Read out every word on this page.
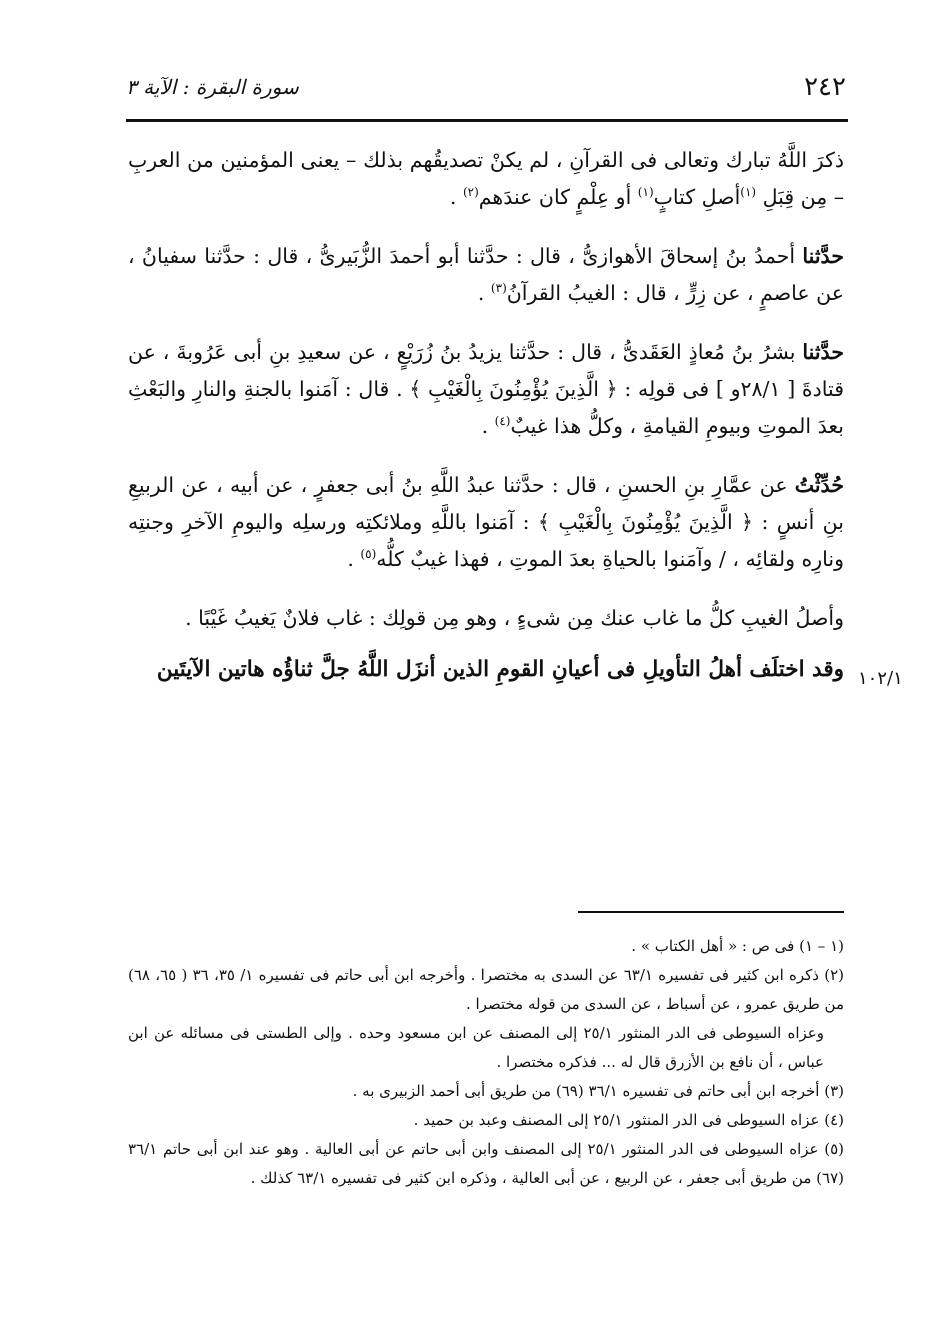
٢٤٢
سورة البقرة : الآية ٣
١٠٢/١

ذكرَ اللَّهُ تبارك وتعالى فى القرآنِ ، لم يكنْ تصديقُهم بذلك – يعنى المؤمنين من العربِ – مِن قِبَلِ $^{(١)}$أصلِ كتابٍ$^{(١)}$ أو عِلْمٍ كان عندَهم$^{(٢)}$ .

حدَّثنا أحمدُ بنُ إسحاقَ الأهوازىُّ ، قال : حدَّثنا أبو أحمدَ الزُّبَيرىُّ ، قال : حدَّثنا سفيانُ ، عن عاصمٍ ، عن زِرٍّ ، قال : الغيبُ القرآنُ$^{(٣)}$ .

حدَّثنا بشرُ بنُ مُعاذٍ العَقَدىُّ ، قال : حدَّثنا يزيدُ بنُ زُرَيْعٍ ، عن سعيدِ بنِ أبى عَرُوبةَ ، عن قتادةَ [ ٢٨/١و ] فى قولِه : ﴿ الَّذِينَ يُؤْمِنُونَ بِالْغَيْبِ ﴾ . قال : آمَنوا بالجنةِ والنارِ والبَعْثِ بعدَ الموتِ وبيومِ القيامةِ ، وكلُّ هذا غيبٌ$^{(٤)}$ .

حُدِّثْتُ عن عمَّارِ بنِ الحسنِ ، قال : حدَّثنا عبدُ اللَّهِ بنُ أبى جعفرٍ ، عن أبيه ، عن الربيعِ بنِ أنسٍ : ﴿ الَّذِينَ يُؤْمِنُونَ بِالْغَيْبِ ﴾ : آمَنوا باللَّهِ وملائكتِه ورسلِه واليومِ الآخرِ وجنتِه ونارِه ولقائِه ، / وآمَنوا بالحياةِ بعدَ الموتِ ، فهذا غيبٌ كلُّه$^{(٥)}$ .

وأصلُ الغيبِ كلُّ ما غاب عنك مِن شىءٍ ، وهو مِن قولِك : غاب فلانٌ يَغيبُ غَيْبًا .

وقد اختلَف أهلُ التأويلِ فى أعيانِ القومِ الذين أنزَل اللَّهُ جلَّ ثناؤُه هاتين الآيتَين

(١ – ١) فى ص : « أهل الكتاب » .

(٢) ذكره ابن كثير فى تفسيره ٦٣/١ عن السدى به مختصرا . وأخرجه ابن أبى حاتم فى تفسيره ١/ ٣٥، ٣٦ ( ٦٥، ٦٨) من طريق عمرو ، عن أسباط ، عن السدى من قوله مختصرا .

وعزاه السيوطى فى الدر المنثور ٢٥/١ إلى المصنف عن ابن مسعود وحده . وإلى الطستى فى مسائله عن ابن عباس ، أن نافع بن الأزرق قال له ... فذكره مختصرا .

(٣) أخرجه ابن أبى حاتم فى تفسيره ٣٦/١ (٦٩) من طريق أبى أحمد الزبيرى به .

(٤) عزاه السيوطى فى الدر المنثور ٢٥/١ إلى المصنف وعبد بن حميد .

(٥) عزاه السيوطى فى الدر المنثور ٢٥/١ إلى المصنف وابن أبى حاتم عن أبى العالية . وهو عند ابن أبى حاتم ٣٦/١ (٦٧) من طريق أبى جعفر ، عن الربيع ، عن أبى العالية ، وذكره ابن كثير فى تفسيره ٦٣/١ كذلك .
